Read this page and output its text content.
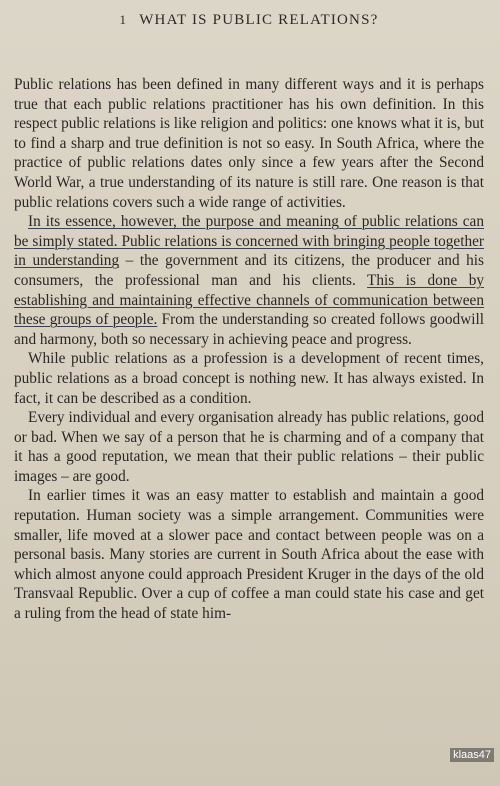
1 WHAT IS PUBLIC RELATIONS?

Public relations has been defined in many different ways and it is perhaps true that each public relations practitioner has his own definition. In this respect public relations is like religion and politics: one knows what it is, but to find a sharp and true definition is not so easy. In South Africa, where the practice of public relations dates only since a few years after the Second World War, a true understanding of its nature is still rare. One reason is that public relations covers such a wide range of activities.

In its essence, however, the purpose and meaning of public relations can be simply stated. Public relations is concerned with bringing people together in understanding – the government and its citizens, the producer and his consumers, the professional man and his clients. This is done by establishing and maintaining effective channels of communication between these groups of people. From the understanding so created follows goodwill and harmony, both so necessary in achieving peace and progress.

While public relations as a profession is a development of recent times, public relations as a broad concept is nothing new. It has always existed. In fact, it can be described as a condition.

Every individual and every organisation already has public relations, good or bad. When we say of a person that he is charming and of a company that it has a good reputation, we mean that their public relations – their public images – are good.

In earlier times it was an easy matter to establish and maintain a good reputation. Human society was a simple arrangement. Communities were smaller, life moved at a slower pace and contact between people was on a personal basis. Many stories are current in South Africa about the ease with which almost anyone could approach President Kruger in the days of the old Transvaal Republic. Over a cup of coffee a man could state his case and get a ruling from the head of state him-

klaas47
